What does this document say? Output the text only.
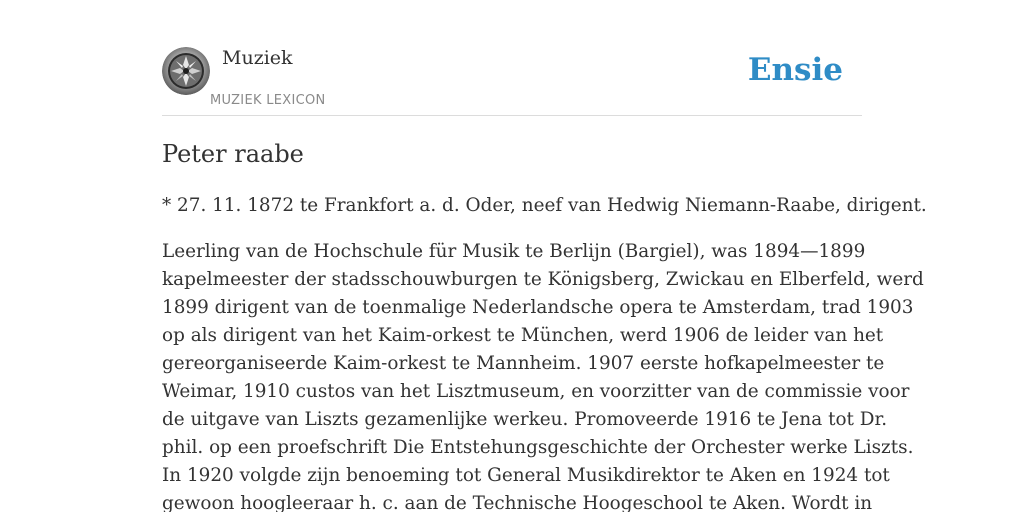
Muziek
MUZIEK LEXICON
Ensie
Peter raabe

* 27. 11. 1872 te Frankfort a. d. Oder, neef van Hedwig Niemann-Raabe, dirigent.

Leerling van de Hochschule für Musik te Berlijn (Bargiel), was 1894—1899
kapelmeester der stadsschouwburgen te Königsberg, Zwickau en Elberfeld, werd
1899 dirigent van de toenmalige Nederlandsche opera te Amsterdam, trad 1903
op als dirigent van het Kaim-orkest te München, werd 1906 de leider van het
gereorganiseerde Kaim-orkest te Mannheim. 1907 eerste hofkapelmeester te
Weimar, 1910 custos van het Lisztmuseum, en voorzitter van de commissie voor
de uitgave van Liszts gezamenlijke werkeu. Promoveerde 1916 te Jena tot Dr.
phil. op een proefschrift Die Entstehungsgeschichte der Orchester werke Liszts.
In 1920 volgde zijn benoeming tot General Musikdirektor te Aken en 1924 tot
gewoon hoogleeraar h. c. aan de Technische Hoogeschool te Aken. Wordt in
